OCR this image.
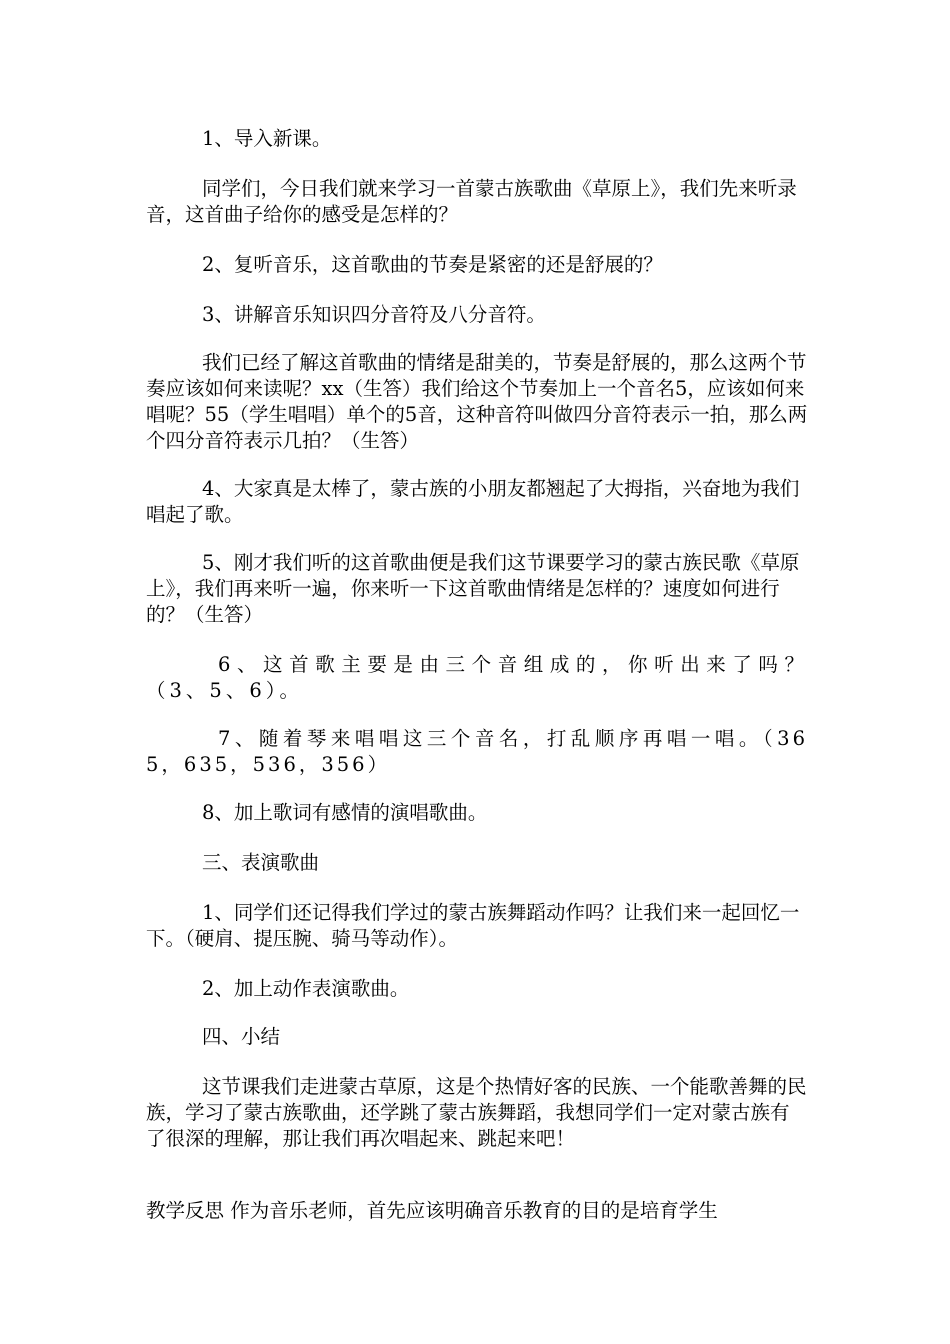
1、导入新课。

同学们，今日我们就来学习一首蒙古族歌曲《草原上》，我们先来听录音，这首曲子给你的感受是怎样的？

2、复听音乐，这首歌曲的节奏是紧密的还是舒展的？

3、讲解音乐知识四分音符及八分音符。

我们已经了解这首歌曲的情绪是甜美的，节奏是舒展的，那么这两个节奏应该如何来读呢？xx（生答）我们给这个节奏加上一个音名5，应该如何来唱呢？55（学生唱唱）单个的5音，这种音符叫做四分音符表示一拍，那么两个四分音符表示几拍？（生答）

4、大家真是太棒了，蒙古族的小朋友都翘起了大拇指，兴奋地为我们唱起了歌。

5、刚才我们听的这首歌曲便是我们这节课要学习的蒙古族民歌《草原上》，我们再来听一遍，你来听一下这首歌曲情绪是怎样的？速度如何进行的？（生答）

6、这首歌主要是由三个音组成的，你听出来了吗？（3、5、6）。

7、随着琴来唱唱这三个音名，打乱顺序再唱一唱。（365，635，536，356）

8、加上歌词有感情的演唱歌曲。

三、表演歌曲

1、同学们还记得我们学过的蒙古族舞蹈动作吗？让我们来一起回忆一下。（硬肩、提压腕、骑马等动作）。

2、加上动作表演歌曲。

四、小结

这节课我们走进蒙古草原，这是个热情好客的民族、一个能歌善舞的民族，学习了蒙古族歌曲，还学跳了蒙古族舞蹈，我想同学们一定对蒙古族有了很深的理解，那让我们再次唱起来、跳起来吧！

教学反思 作为音乐老师，首先应该明确音乐教育的目的是培育学生
